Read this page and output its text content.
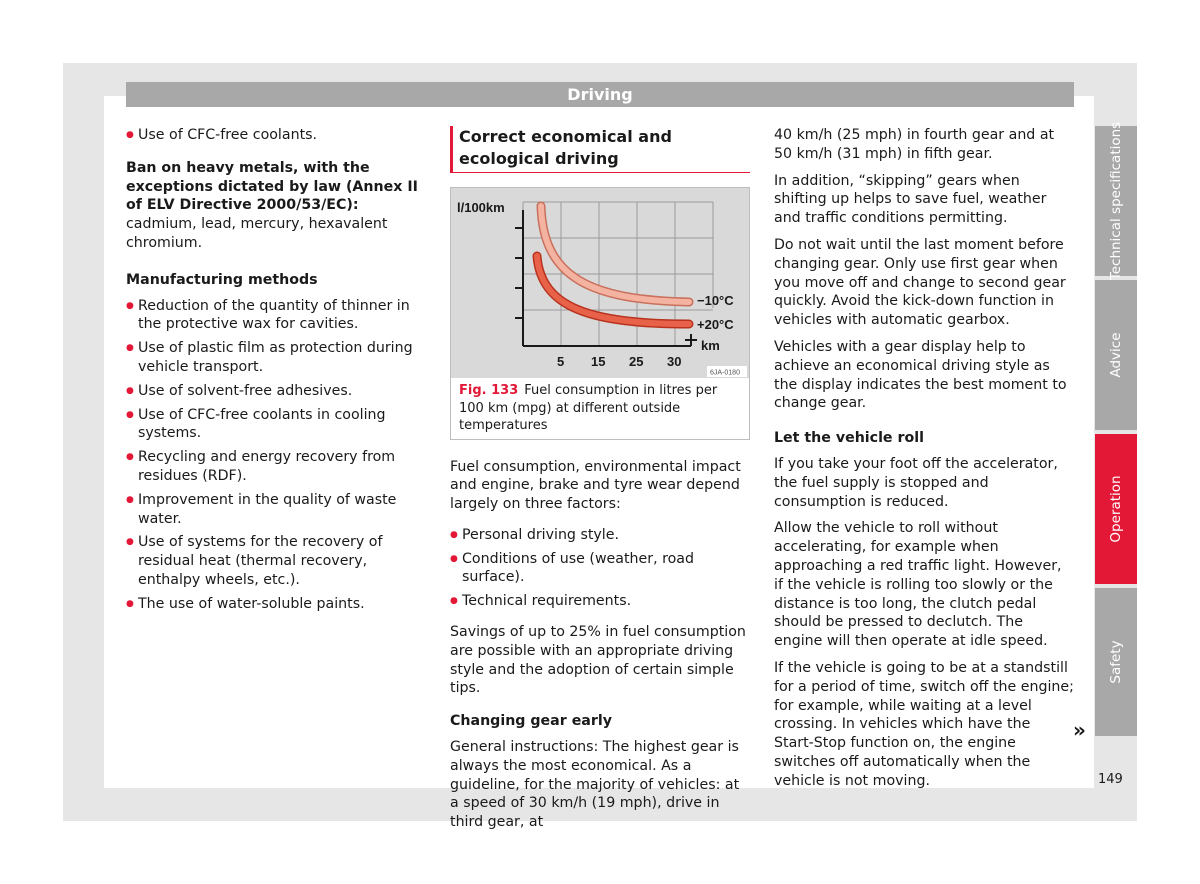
Driving

● Use of CFC-free coolants.

Ban on heavy metals, with the exceptions dictated by law (Annex II of ELV Directive 2000/53/EC): cadmium, lead, mercury, hexavalent chromium.

Manufacturing methods

● Reduction of the quantity of thinner in the protective wax for cavities.

● Use of plastic film as protection during vehicle transport.

● Use of solvent-free adhesives.

● Use of CFC-free coolants in cooling systems.

● Recycling and energy recovery from residues (RDF).

● Improvement in the quality of waste water.

● Use of systems for the recovery of residual heat (thermal recovery, enthalpy wheels, etc.).

● The use of water-soluble paints.

Correct economical and ecological driving
l/100km
−10°C
+20°C
km
5 15 25 30
6JA-0180
Fig. 133 Fuel consumption in litres per 100 km (mpg) at different outside temperatures

Fuel consumption, environmental impact and engine, brake and tyre wear depend largely on three factors:

● Personal driving style.

● Conditions of use (weather, road surface).

● Technical requirements.

Savings of up to 25% in fuel consumption are possible with an appropriate driving style and the adoption of certain simple tips.

Changing gear early

General instructions: The highest gear is always the most economical. As a guideline, for the majority of vehicles: at a speed of 30 km/h (19 mph), drive in third gear, at

40 km/h (25 mph) in fourth gear and at 50 km/h (31 mph) in fifth gear.

In addition, “skipping” gears when shifting up helps to save fuel, weather and traffic conditions permitting.

Do not wait until the last moment before changing gear. Only use first gear when you move off and change to second gear quickly. Avoid the kick-down function in vehicles with automatic gearbox.

Vehicles with a gear display help to achieve an economical driving style as the display indicates the best moment to change gear.

Let the vehicle roll

If you take your foot off the accelerator, the fuel supply is stopped and consumption is reduced.

Allow the vehicle to roll without accelerating, for example when approaching a red traffic light. However, if the vehicle is rolling too slowly or the distance is too long, the clutch pedal should be pressed to declutch. The engine will then operate at idle speed.

If the vehicle is going to be at a standstill for a period of time, switch off the engine; for example, while waiting at a level crossing. In vehicles which have the Start-Stop function on, the engine switches off automatically when the vehicle is not moving.

Technical specifications
Advice
Operation
Safety
»
149
